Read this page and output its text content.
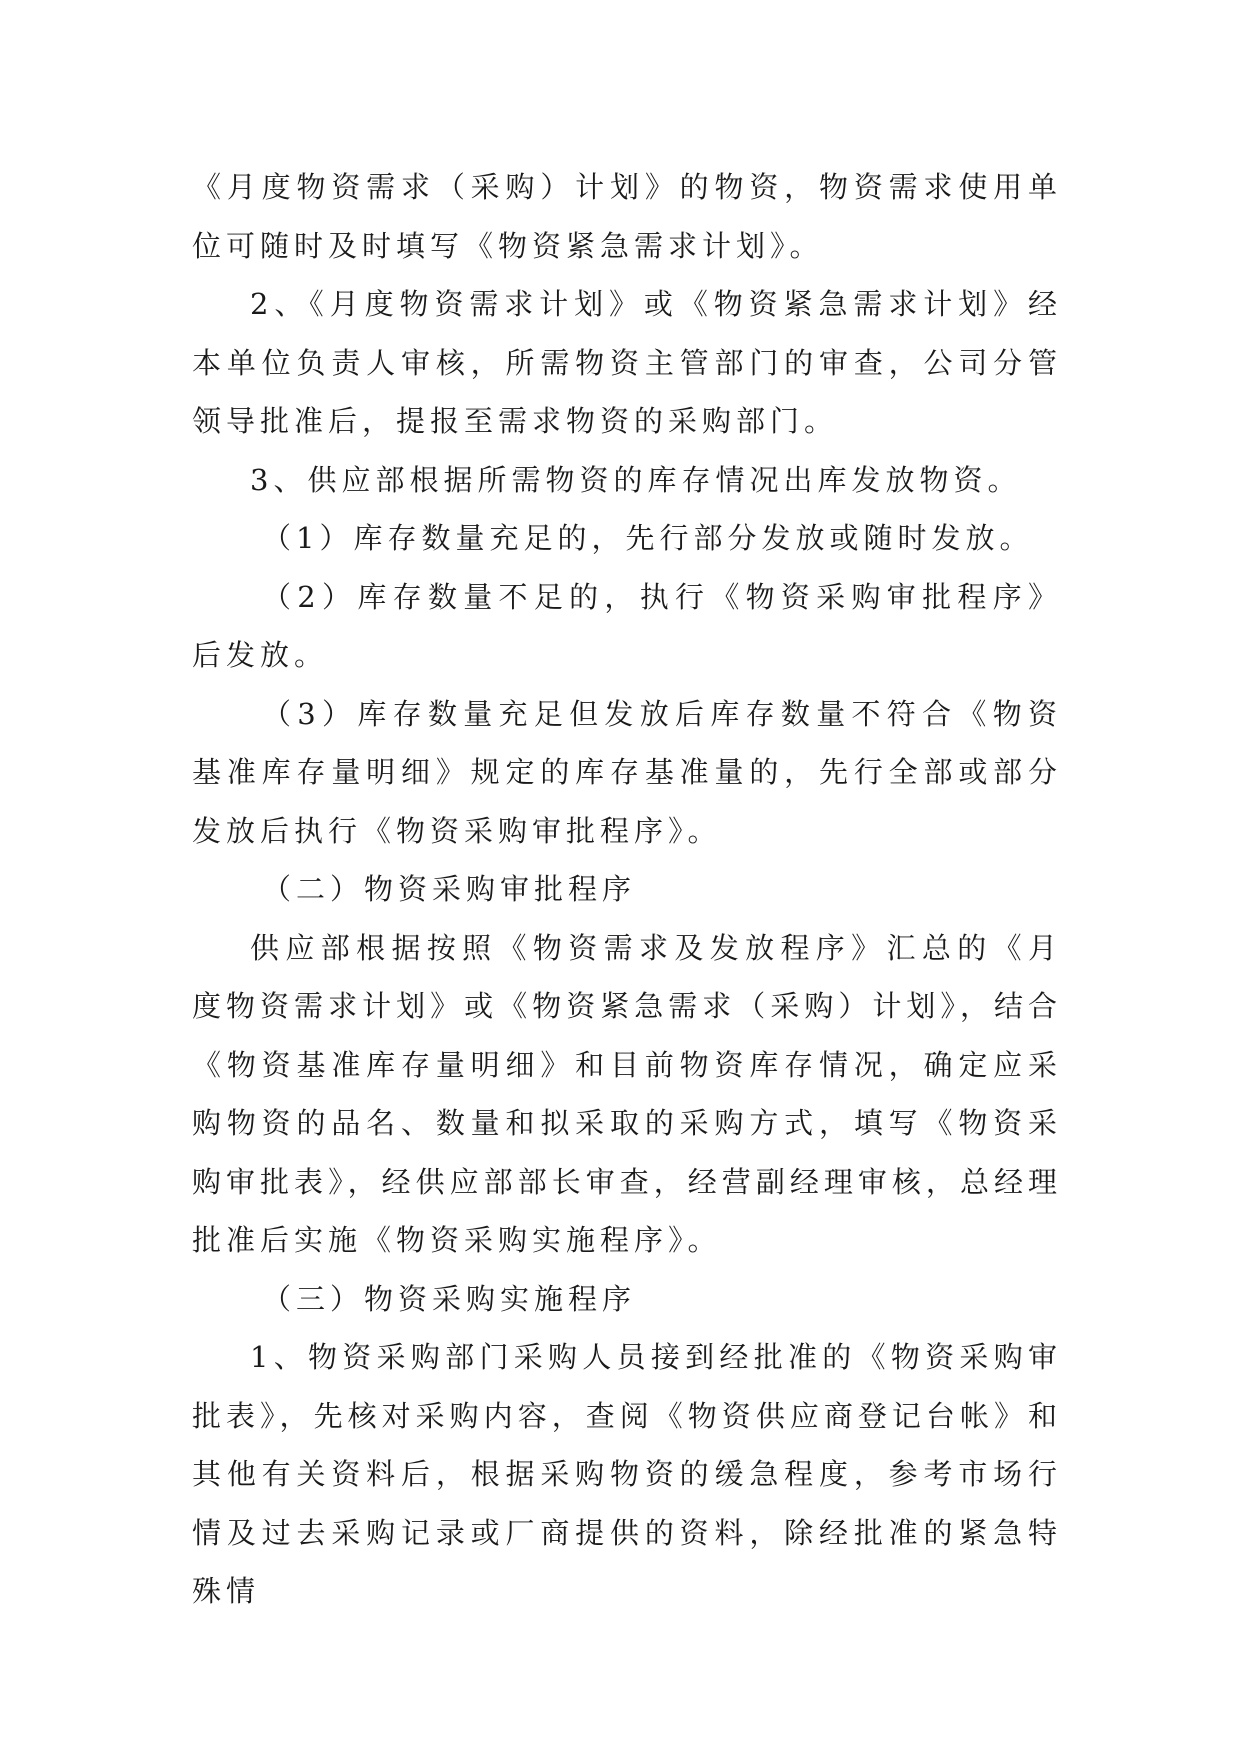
《月度物资需求（采购）计划》的物资，物资需求使用单位可随时及时填写《物资紧急需求计划》。

2、《月度物资需求计划》或《物资紧急需求计划》经本单位负责人审核，所需物资主管部门的审查，公司分管领导批准后，提报至需求物资的采购部门。

3、供应部根据所需物资的库存情况出库发放物资。

（1）库存数量充足的，先行部分发放或随时发放。

（2）库存数量不足的，执行《物资采购审批程序》后发放。

（3）库存数量充足但发放后库存数量不符合《物资基准库存量明细》规定的库存基准量的，先行全部或部分发放后执行《物资采购审批程序》。

（二）物资采购审批程序

供应部根据按照《物资需求及发放程序》汇总的《月度物资需求计划》或《物资紧急需求（采购）计划》，结合《物资基准库存量明细》和目前物资库存情况，确定应采购物资的品名、数量和拟采取的采购方式，填写《物资采购审批表》，经供应部部长审查，经营副经理审核，总经理批准后实施《物资采购实施程序》。

（三）物资采购实施程序

1、物资采购部门采购人员接到经批准的《物资采购审批表》，先核对采购内容，查阅《物资供应商登记台帐》和其他有关资料后，根据采购物资的缓急程度，参考市场行情及过去采购记录或厂商提供的资料，除经批准的紧急特殊情
